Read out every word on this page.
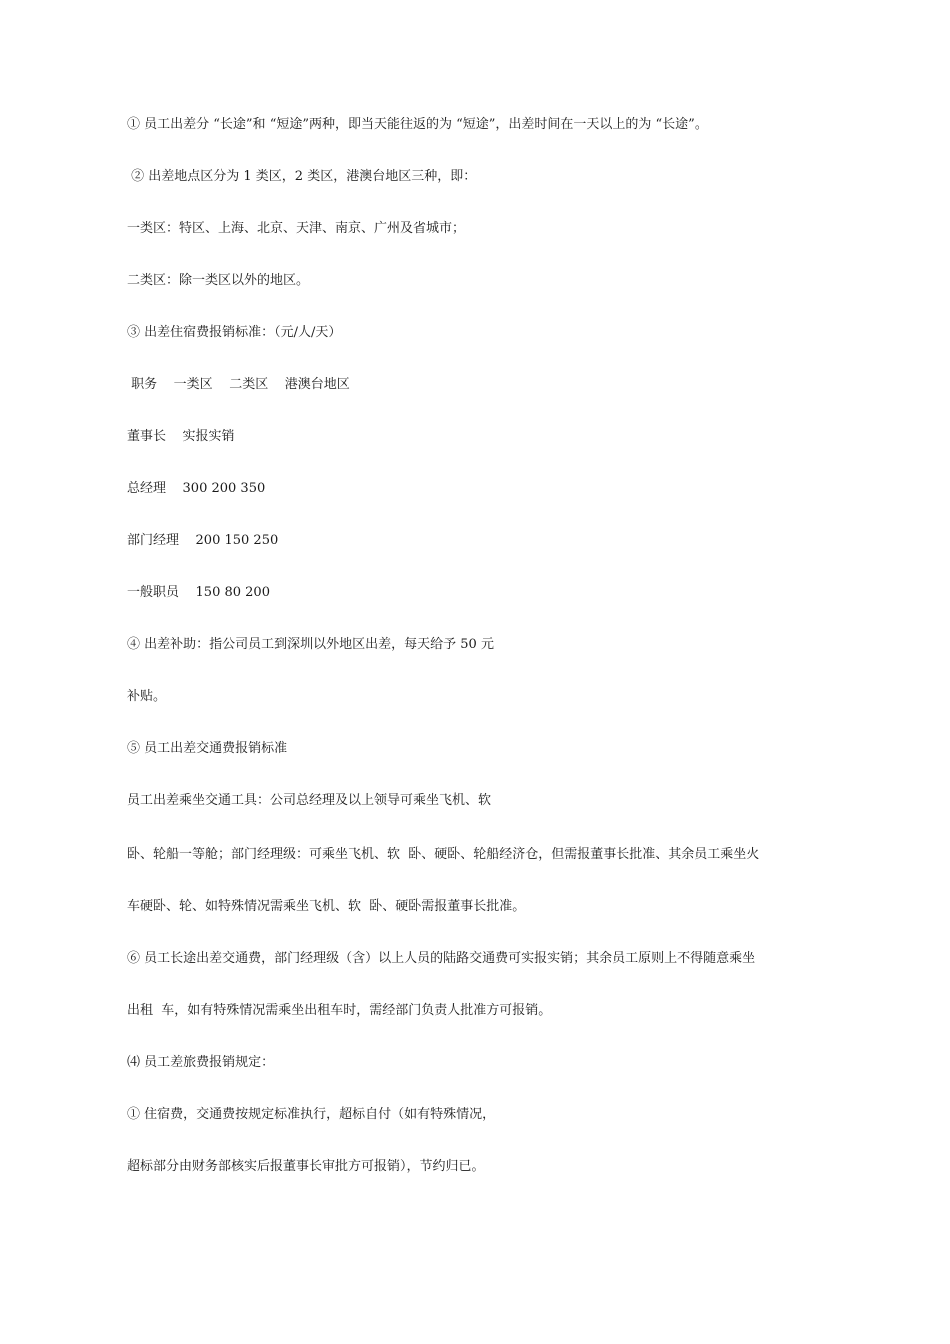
① 员工出差分 “长途”和 “短途”两种，即当天能往返的为 “短途”，出差时间在一天以上的为 “长途”。
② 出差地点区分为 1 类区，2 类区，港澳台地区三种，即：
一类区：特区、上海、北京、天津、南京、广州及省城市；
二类区：除一类区以外的地区。
③ 出差住宿费报销标准：（元/人/天）
职务    一类区    二类区    港澳台地区
董事长    实报实销
总经理    300 200 350
部门经理    200 150 250
一般职员    150 80 200
④ 出差补助：指公司员工到深圳以外地区出差，每天给予 50 元
补贴。
⑤ 员工出差交通费报销标准
员工出差乘坐交通工具：公司总经理及以上领导可乘坐飞机、软
卧、轮船一等舱；部门经理级：可乘坐飞机、软  卧、硬卧、轮船经济仓，但需报董事长批准、其余员工乘坐火
车硬卧、轮、如特殊情况需乘坐飞机、软  卧、硬卧需报董事长批准。
⑥ 员工长途出差交通费，部门经理级（含）以上人员的陆路交通费可实报实销；其余员工原则上不得随意乘坐
出租  车，如有特殊情况需乘坐出租车时，需经部门负责人批准方可报销。
⑷ 员工差旅费报销规定：
① 住宿费，交通费按规定标准执行，超标自付（如有特殊情况，
超标部分由财务部核实后报董事长审批方可报销），节约归已。
